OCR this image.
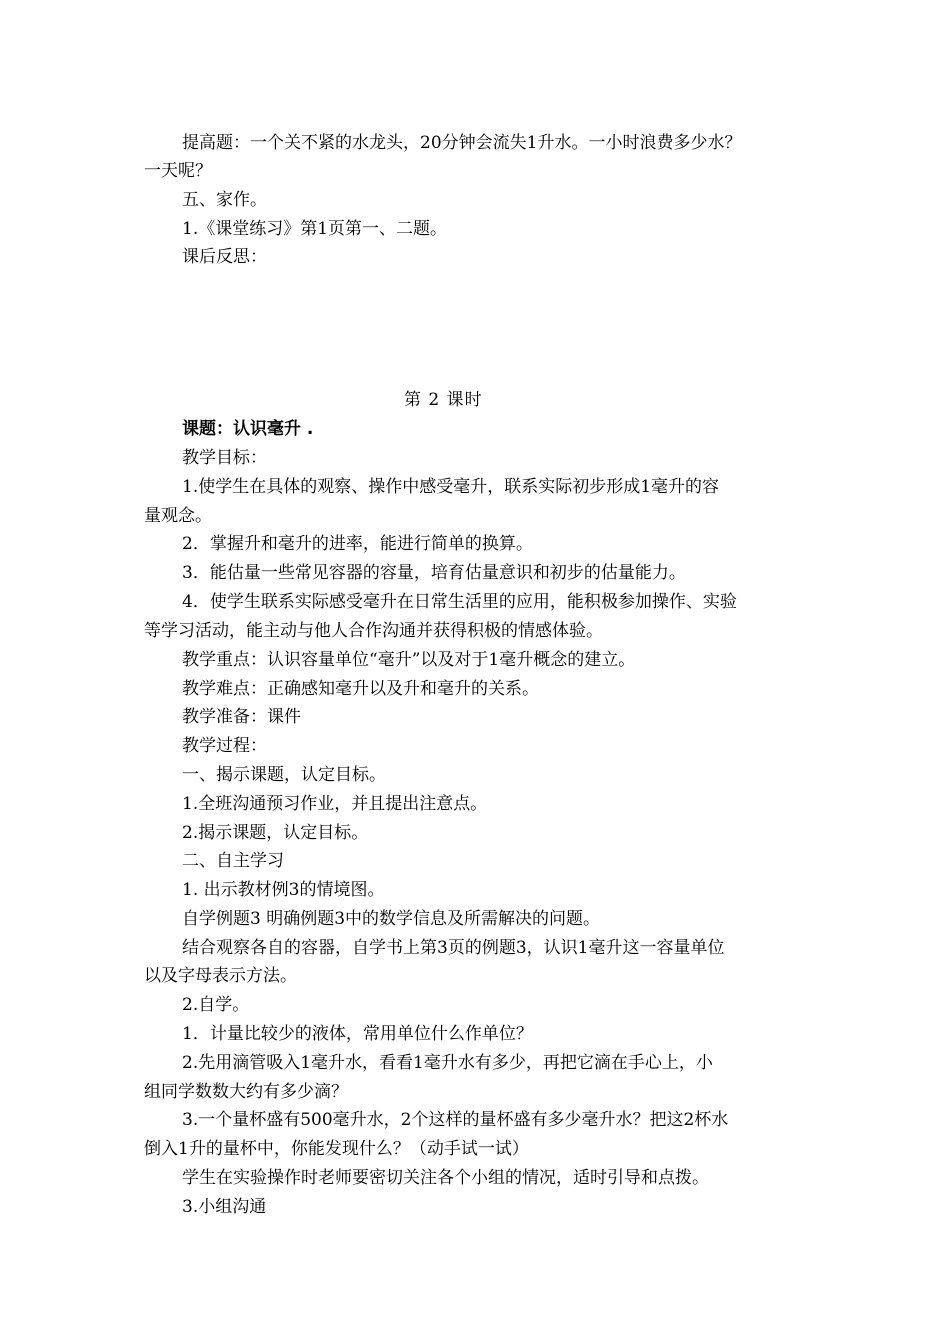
提高题：一个关不紧的水龙头，20分钟会流失1升水。一小时浪费多少水？
一天呢？
五、家作。
1.《课堂练习》第1页第一、二题。
课后反思：
第 2 课时
课题：认识毫升 .
教学目标：
1.使学生在具体的观察、操作中感受毫升，联系实际初步形成1毫升的容
量观念。
2．掌握升和毫升的进率，能进行简单的换算。
3．能估量一些常见容器的容量，培育估量意识和初步的估量能力。
4．使学生联系实际感受毫升在日常生活里的应用，能积极参加操作、实验
等学习活动，能主动与他人合作沟通并获得积极的情感体验。
教学重点：认识容量单位“毫升”以及对于1毫升概念的建立。
教学难点：正确感知毫升以及升和毫升的关系。
教学准备：课件
教学过程：
一、揭示课题，认定目标。
1.全班沟通预习作业，并且提出注意点。
2.揭示课题，认定目标。
二、自主学习
1. 出示教材例3的情境图。
自学例题3 明确例题3中的数学信息及所需解决的问题。
结合观察各自的容器，自学书上第3页的例题3，认识1毫升这一容量单位
以及字母表示方法。
2.自学。
1．计量比较少的液体，常用单位什么作单位？
2.先用滴管吸入1毫升水，看看1毫升水有多少，再把它滴在手心上，小
组同学数数大约有多少滴？
3.一个量杯盛有500毫升水，2个这样的量杯盛有多少毫升水？把这2杯水
倒入1升的量杯中，你能发现什么？（动手试一试）
学生在实验操作时老师要密切关注各个小组的情况，适时引导和点拨。
3.小组沟通
